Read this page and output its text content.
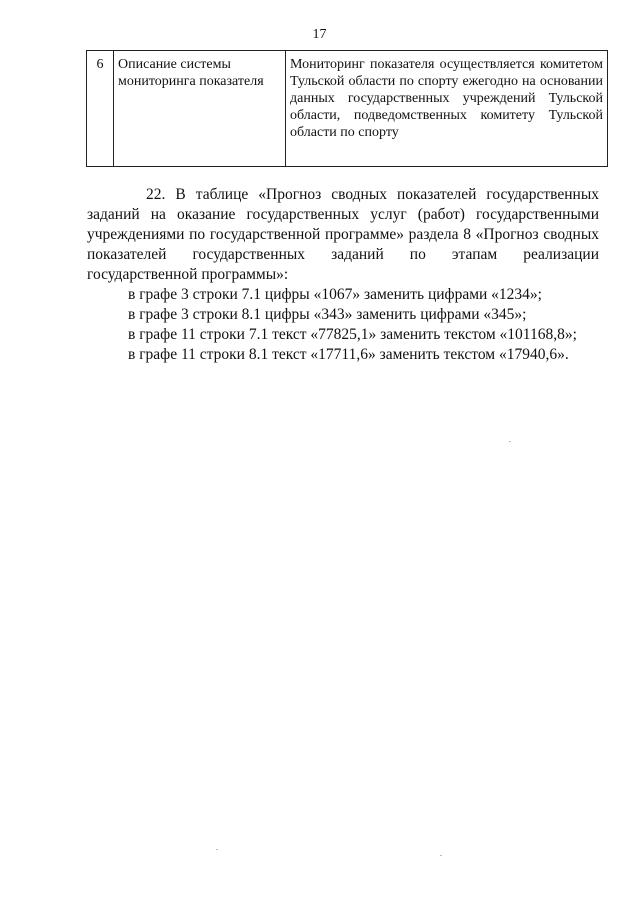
17
6	Описание системы мониторинга показателя	Мониторинг показателя осуществляется комитетом Тульской области по спорту ежегодно на основании данных государственных учреждений Тульской области, подведомственных комитету Тульской области по спорту

22. В таблице «Прогноз сводных показателей государственных заданий на оказание государственных услуг (работ) государственными учреждениями по государственной программе» раздела 8 «Прогноз сводных показателей государственных заданий по этапам реализации государственной программы»:

в графе 3 строки 7.1 цифры «1067» заменить цифрами «1234»;

в графе 3 строки 8.1 цифры «343» заменить цифрами «345»;

в графе 11 строки 7.1 текст «77825,1» заменить текстом «101168,8»;

в графе 11 строки 8.1 текст «17711,6» заменить текстом «17940,6».
